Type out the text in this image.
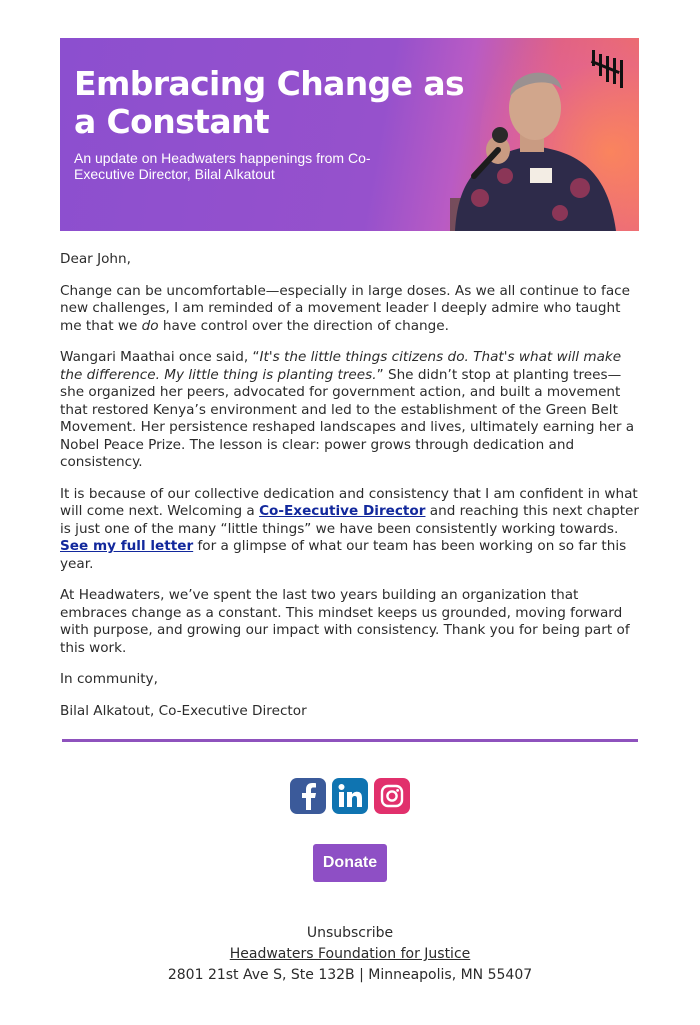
Embracing Change as a Constant

An update on Headwaters happenings from Co-Executive Director, Bilal Alkatout

Dear John,

Change can be uncomfortable—especially in large doses. As we all continue to face new challenges, I am reminded of a movement leader I deeply admire who taught me that we do have control over the direction of change.

Wangari Maathai once said, “It's the little things citizens do. That's what will make the difference. My little thing is planting trees.” She didn’t stop at planting trees—she organized her peers, advocated for government action, and built a movement that restored Kenya’s environment and led to the establishment of the Green Belt Movement. Her persistence reshaped landscapes and lives, ultimately earning her a Nobel Peace Prize. The lesson is clear: power grows through dedication and consistency.

It is because of our collective dedication and consistency that I am confident in what will come next. Welcoming a Co-Executive Director and reaching this next chapter is just one of the many “little things” we have been consistently working towards. See my full letter for a glimpse of what our team has been working on so far this year.

At Headwaters, we’ve spent the last two years building an organization that embraces change as a constant. This mindset keeps us grounded, moving forward with purpose, and growing our impact with consistency. Thank you for being part of this work.

In community,

Bilal Alkatout, Co-Executive Director

Donate
Unsubscribe
Headwaters Foundation for Justice
2801 21st Ave S, Ste 132B | Minneapolis, MN 55407
